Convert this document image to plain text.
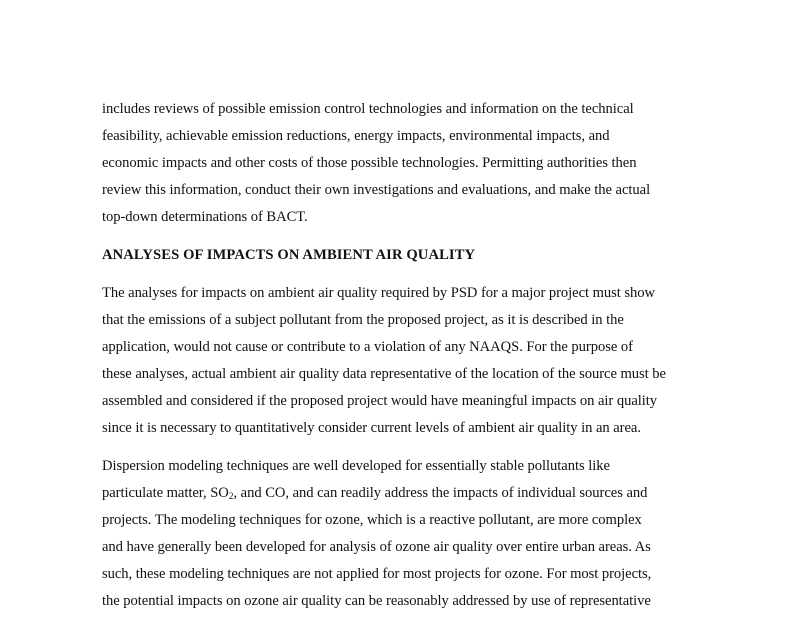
includes reviews of possible emission control technologies and information on the technical
feasibility, achievable emission reductions, energy impacts, environmental impacts, and
economic impacts and other costs of those possible technologies. Permitting authorities then
review this information, conduct their own investigations and evaluations, and make the actual
top-down determinations of BACT.
ANALYSES OF IMPACTS ON AMBIENT AIR QUALITY
The analyses for impacts on ambient air quality required by PSD for a major project must show
that the emissions of a subject pollutant from the proposed project, as it is described in the
application, would not cause or contribute to a violation of any NAAQS. For the purpose of
these analyses, actual ambient air quality data representative of the location of the source must be
assembled and considered if the proposed project would have meaningful impacts on air quality
since it is necessary to quantitatively consider current levels of ambient air quality in an area.
Dispersion modeling techniques are well developed for essentially stable pollutants like
particulate matter, $SO_2$, and CO, and can readily address the impacts of individual sources and
projects. The modeling techniques for ozone, which is a reactive pollutant, are more complex
and have generally been developed for analysis of ozone air quality over entire urban areas. As
such, these modeling techniques are not applied for most projects for ozone. For most projects,
the potential impacts on ozone air quality can be reasonably addressed by use of representative
